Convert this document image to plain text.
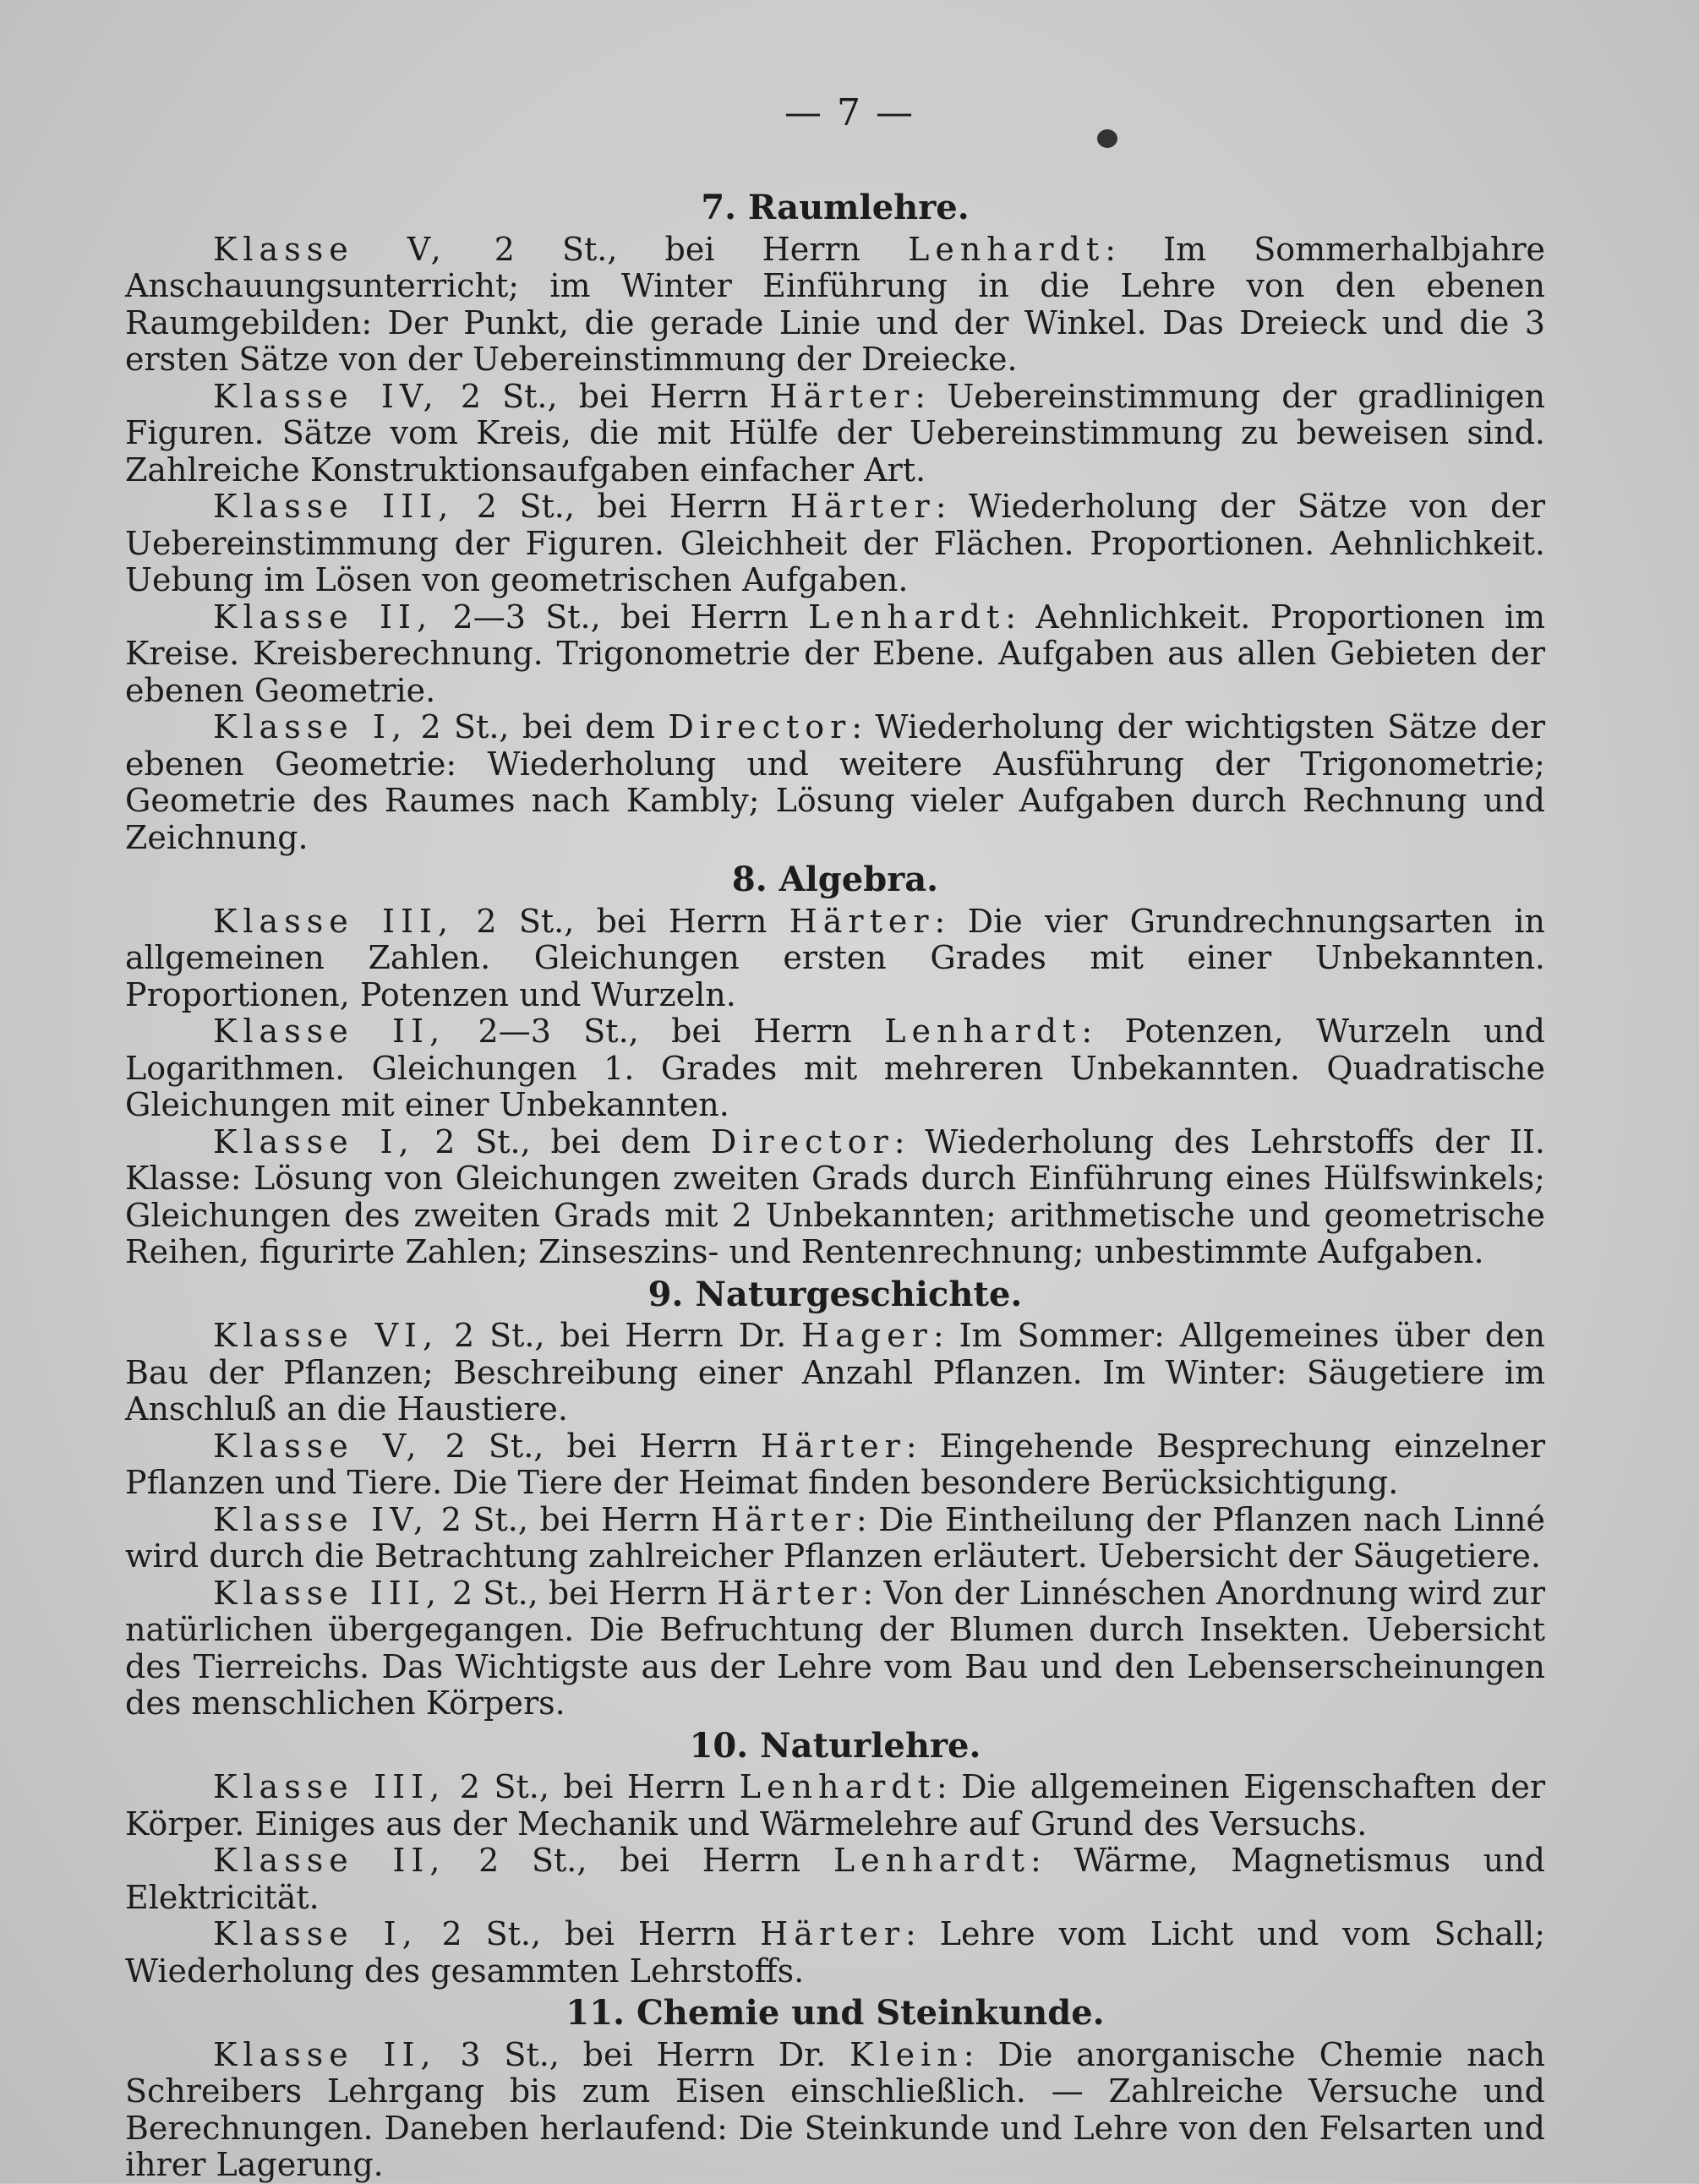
— 7 —
7. Raumlehre.

Klasse V, 2 St., bei Herrn Lenhardt: Im Sommerhalbjahre Anschauungsunterricht; im Winter Einführung in die Lehre von den ebenen Raumgebilden: Der Punkt, die gerade Linie und der Winkel. Das Dreieck und die 3 ersten Sätze von der Uebereinstimmung der Dreiecke.

Klasse IV, 2 St., bei Herrn Härter: Uebereinstimmung der gradlinigen Figuren. Sätze vom Kreis, die mit Hülfe der Uebereinstimmung zu beweisen sind. Zahlreiche Konstruktionsaufgaben einfacher Art.

Klasse III, 2 St., bei Herrn Härter: Wiederholung der Sätze von der Uebereinstimmung der Figuren. Gleichheit der Flächen. Proportionen. Aehnlichkeit. Uebung im Lösen von geometrischen Aufgaben.

Klasse II, 2—3 St., bei Herrn Lenhardt: Aehnlichkeit. Proportionen im Kreise. Kreisberechnung. Trigonometrie der Ebene. Aufgaben aus allen Gebieten der ebenen Geometrie.

Klasse I, 2 St., bei dem Director: Wiederholung der wichtigsten Sätze der ebenen Geometrie: Wiederholung und weitere Ausführung der Trigonometrie; Geometrie des Raumes nach Kambly; Lösung vieler Aufgaben durch Rechnung und Zeichnung.

8. Algebra.

Klasse III, 2 St., bei Herrn Härter: Die vier Grundrechnungsarten in allgemeinen Zahlen. Gleichungen ersten Grades mit einer Unbekannten. Proportionen, Potenzen und Wurzeln.

Klasse II, 2—3 St., bei Herrn Lenhardt: Potenzen, Wurzeln und Logarithmen. Gleichungen 1. Grades mit mehreren Unbekannten. Quadratische Gleichungen mit einer Unbekannten.

Klasse I, 2 St., bei dem Director: Wiederholung des Lehrstoffs der II. Klasse: Lösung von Gleichungen zweiten Grads durch Einführung eines Hülfswinkels; Gleichungen des zweiten Grads mit 2 Unbekannten; arithmetische und geometrische Reihen, figurirte Zahlen; Zinseszins- und Rentenrechnung; unbestimmte Aufgaben.

9. Naturgeschichte.

Klasse VI, 2 St., bei Herrn Dr. Hager: Im Sommer: Allgemeines über den Bau der Pflanzen; Beschreibung einer Anzahl Pflanzen. Im Winter: Säugetiere im Anschluß an die Haustiere.

Klasse V, 2 St., bei Herrn Härter: Eingehende Besprechung einzelner Pflanzen und Tiere. Die Tiere der Heimat finden besondere Berücksichtigung.

Klasse IV, 2 St., bei Herrn Härter: Die Eintheilung der Pflanzen nach Linné wird durch die Betrachtung zahlreicher Pflanzen erläutert. Uebersicht der Säugetiere.

Klasse III, 2 St., bei Herrn Härter: Von der Linnéschen Anordnung wird zur natürlichen übergegangen. Die Befruchtung der Blumen durch Insekten. Uebersicht des Tierreichs. Das Wichtigste aus der Lehre vom Bau und den Lebenserscheinungen des menschlichen Körpers.

10. Naturlehre.

Klasse III, 2 St., bei Herrn Lenhardt: Die allgemeinen Eigenschaften der Körper. Einiges aus der Mechanik und Wärmelehre auf Grund des Versuchs.

Klasse II, 2 St., bei Herrn Lenhardt: Wärme, Magnetismus und Elektricität.

Klasse I, 2 St., bei Herrn Härter: Lehre vom Licht und vom Schall; Wiederholung des gesammten Lehrstoffs.

11. Chemie und Steinkunde.

Klasse II, 3 St., bei Herrn Dr. Klein: Die anorganische Chemie nach Schreibers Lehrgang bis zum Eisen einschließlich. — Zahlreiche Versuche und Berechnungen. Daneben herlaufend: Die Steinkunde und Lehre von den Felsarten und ihrer Lagerung.
